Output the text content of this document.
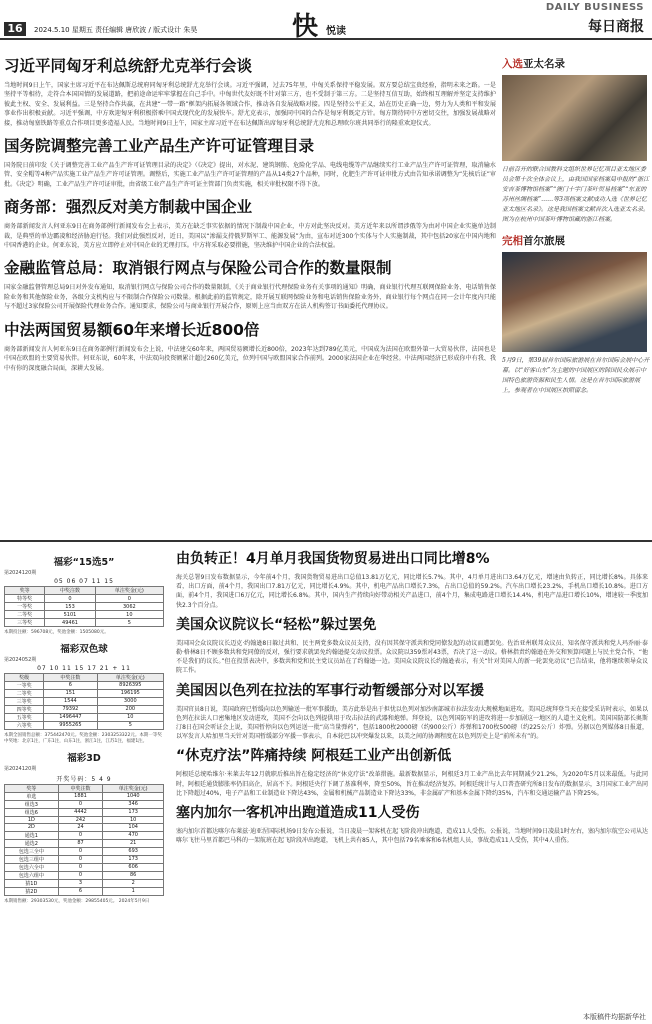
16	2024.5.10 星期五 责任编辑 唐欣波 / 版式设计 朱昊	快 悦读
DAILY BUSINESS
每日商报
习近平同匈牙利总统舒尤克举行会谈
当地时间9日上午，国家主席习近平在布达佩斯总统府同匈牙利总统舒尤克举行会谈。习近平强调，过去75年里，中匈关系保持平稳发展。双方要总结宝贵经验，指明未来之路。一是坚持平等相待，走符合本国国情的发展道路，把前途命运牢牢掌握在自己手中。中匈世代友好既不针对第三方，也不受制于第三方。二是坚持互信互助，始终相互理解并坚定支持维护彼此主权、安全、发展利益。三是坚持合作共赢，在共建“一带一路”框架内拓展各领域合作，推动各自发展战略对接。四是坚持公平正义，站在历史正确一边，努力为人类和平和发展事业作出积极贡献。习近平强调，中方欢迎匈牙利积极搭乘中国式现代化的发展快车。舒尤克表示，加强同中国的合作是匈牙利既定方针。匈方期待同中方密切交往，加强发展战略对接，推动匈塞铁路等重点合作项目更多造福人民。当地时间9日上午，国家主席习近平在布达佩斯出席匈牙利总统舒尤克和总理欧尔班共同举行的隆重欢迎仪式。
国务院调整完善工业产品生产许可证管理目录
国务院日前印发《关于调整完善工业产品生产许可证管理目录的决定》（《决定》提出，对水泥、建筑钢筋、危险化学品、电线电缆等产品继续实行工业产品生产许可证管理，取消输水管、安全帽等4种产品实施工业产品生产许可证管理。调整后，实施工业产品生产许可证管理的产品从14类27个品种，同时，化肥生产许可证审批方式由告知承诺调整为“先核后证”审批。《决定》明确，工业产品生产许可证审批，由省级工业产品生产许可证主管部门负责实施，相关审批权限不得下放。
商务部：强烈反对美方制裁中国企业
商务部新闻发言人何亚东9日在商务部例行新闻发布会上表示，美方在缺乏事实依据的情况下制裁中国企业，中方对此坚决反对。美方近年来以所谓涉俄等为由对中国企业实施单边制裁，是典型的单边霸凌和经济胁迫行径。我们对此强烈反对，近日，美国以“渗漏支持俄罗斯军工、能源发展”为由，宣布对近300个实体与个人实施制裁，其中包括20家在中国内地和中国香港的企业。何亚东说，美方应立即停止对中国企业的无理打压。中方将采取必要措施，坚决维护中国企业的合法权益。
金融监管总局：取消银行网点与保险公司合作的数量限制
国家金融监督管理总局9日对外发布通知，取消银行网点与保险公司合作的数量限制，《关于商业银行代理保险业务有关事项的通知》明确，商业银行代理互联网保险业务、电话销售保险业务和其他保险业务，各级分支机构应与不限制合作保险公司数量。根据此前的监管规定，除开展互联网保险业务和电话销售保险业务外，商业银行每个网点在同一会计年度内只能与不超过3家保险公司开展保险代理业务合作。通知要求，保险公司与商业银行开展合作，原则上应当由双方在法人机构签订书面委托代理协议。
中法两国贸易额60年来增长近800倍
商务部新闻发言人何亚东9日在商务部例行新闻发布会上说，中法建交60年来，两国贸易额增长近800倍，2023年达到789亿美元，中国成为法国在欧盟外第一大贸易伙伴，法国也是中国在欧盟的主要贸易伙伴。何亚东说，60年来，中法双向投资额累计超过260亿美元，位列中国与欧盟国家合作前列。2000家法国企业在华经营。中法两国经济已形成你中有我、我中有你的深度融合局面，深耕大发展。
入选亚太名录
日前召开的联合国教科文组织世界记忆项目亚太地区委员会第十次全体会议上，由我国国家档案局申报的“浙江安吉茶博物馆档案”“澳门十字门茶叶贸易档案”“东亚的苏州丝绸档案”……等3项档案文献成功入选《世界记忆亚太地区名录》。这是我国档案文献首次入选亚太名录。图为在杭州中国茶叶博物馆藏的浙江档案。
完相首尔旅展
5月9日，第39届首尔国际旅游展在首尔国际会展中心开幕。以“好客山东”为主题的中国展区的韩国民众展示中国特色旅游资源和民生人情。这是在首尔国际旅游展上，参观者在中国展区拍照留念。
福彩“15选5”
第2024120期
05 06 07 11 15
奖等	中奖注数	单注奖金(元)
特等奖	0	0
一等奖	153	3062
二等奖	5101	10
三等奖	49461	5
本期投注额：596708元，奖池金额：1505080元。
福彩双色球
第2024052期
07 10 11 15 17 21 + 11
奖级	中奖注数	单注奖金(元)
一等奖	6	8926395
二等奖	151	196195
三等奖	1544	3000
四等奖	79392	200
五等奖	1496447	10
六等奖	9955265	5
本期全国销售总额：375442470元。奖池金额：2303253322元。本期一等奖中奖地：北京1注，广东1注，山东1注，浙江1注，江苏1注，福建1注。
福彩3D
第2024120期
开奖号码：5 4 9
奖等	中奖注数	单注奖金(元)
单选	1881	1040
组选3	0	346
组选6	4442	173
1D	242	10
2D	24	104
通选1	0	470
通选2	87	21
包选三全中	0	693
包选三组中	0	173
包选六全中	0	606
包选六组中	0	86
猜1D	3	2
猜2D	6	1
本期销售额：29303530元，奖池金额：29855405元。 2024年5月9日
由负转正！4月单月我国货物贸易进出口同比增8%
海关总署9日发布数据显示，今年前4个月，我国货物贸易进出口总值13.81万亿元，同比增长5.7%。其中，4月单月进出口3.64万亿元，增速由负转正，同比增长8%。具体来看，出口方面，前4个月，我国出口7.81万亿元，同比增长4.9%。其中，机电产品出口增长7.3%，占出口总值的59.2%。汽车出口增长23.2%，手机出口增长10.8%。进口方面，前4个月，我国进口6万亿元，同比增长6.8%。其中，国内生产持续向好带动相关产品进口，前4个月，集成电路进口增长14.4%，机电产品进口增长10%，增速较一季度加快2.3个百分点。
美国众议院议长“轻松”躲过罢免
美国国会众议院议长迈克·约翰逊8日躲过共和、民主两党多数众议员支持，没有因其保守派共和党同僚发起的动议而遭罢免。佐治亚州联邦众议员、知名保守派共和党人玛乔丽·泰勒·格林8日不顾多数共和党同僚的反对，强行要求就罢免约翰逊提交动议投票。众议院以359票对43票，否决了这一动议。格林指责约翰逊在外交和预算问题上与民主党合作，“他不是我们的议长。”但在投票表决中，多数共和党和民主党议员站在了约翰逊一边。美国众议院议长约翰逊表示，有关“针对美国人的新一轮罢免动议”已告结束，他将继续领导众议院工作。
美国因以色列在拉法的军事行动暂缓部分对以军援
美国官员8日说，美国政府已暂缓向以色列输送一批军事援助，美方此举是出于担忧以色列对加沙南部城市拉法发动大规模地面进攻。美国总统拜登当天在接受采访时表示，如果以色列在拉法人口密集地区发动进攻，美国不会向以色列提供用于攻击拉法的武器和炮弹。拜登说，以色列国防军的进攻将进一步加剧这一地区的人道主义危机。美国国防部长奥斯汀8日在国会听证会上说，美国暂停向以色列运送一批“高当量弹药”，包括1800枚2000磅（约900公斤）炸弹和1700枚500磅（约225公斤）炸弹。另据以色列媒体8日报道，以军发言人哈加里当天针对美国暂缓部分军援一事表示，自本轮巴以冲突爆发以来，以美之间的协调程度在以色列历史上是“前所未有”的。
“休克疗法”阵痛持续 阿根廷工业产出创新低
阿根廷总统哈维尔·米莱去年12月就职后推出旨在稳定经济的“休克疗法”改革措施。最新数据显示，阿根廷3月工业产出比去年同期减少21.2%，为2020年5月以来最低。与此同时，阿根廷通货膨胀率仍旧高企，居高不下。阿根廷央行下调了基准利率，降至50%，旨在推动经济复苏。阿根廷统计与人口普查研究所8日发布的数据显示，3月国家工业产出同比下降超过40%，电子产品和工业制造业下降达43%，金属和机械产品制造业下降达33%，非金属矿产和基本金属下降约35%，汽车和交通运输产品下降25%。
塞内加尔一客机冲出跑道造成11人受伤
塞内加尔首都达喀尔布莱兹·迪亚涅国际机场9日发布公报说，当日凌晨一架客机在起飞阶段冲出跑道，造成11人受伤。公报说，当地时间9日凌晨1时左右，塞内加尔航空公司从达喀尔飞往马里首都巴马科的一架航班在起飞阶段冲出跑道，飞机上共有85人，其中包括79名乘客和6名机组人员，事故造成11人受伤，其中4人重伤。
本版稿件均据新华社
